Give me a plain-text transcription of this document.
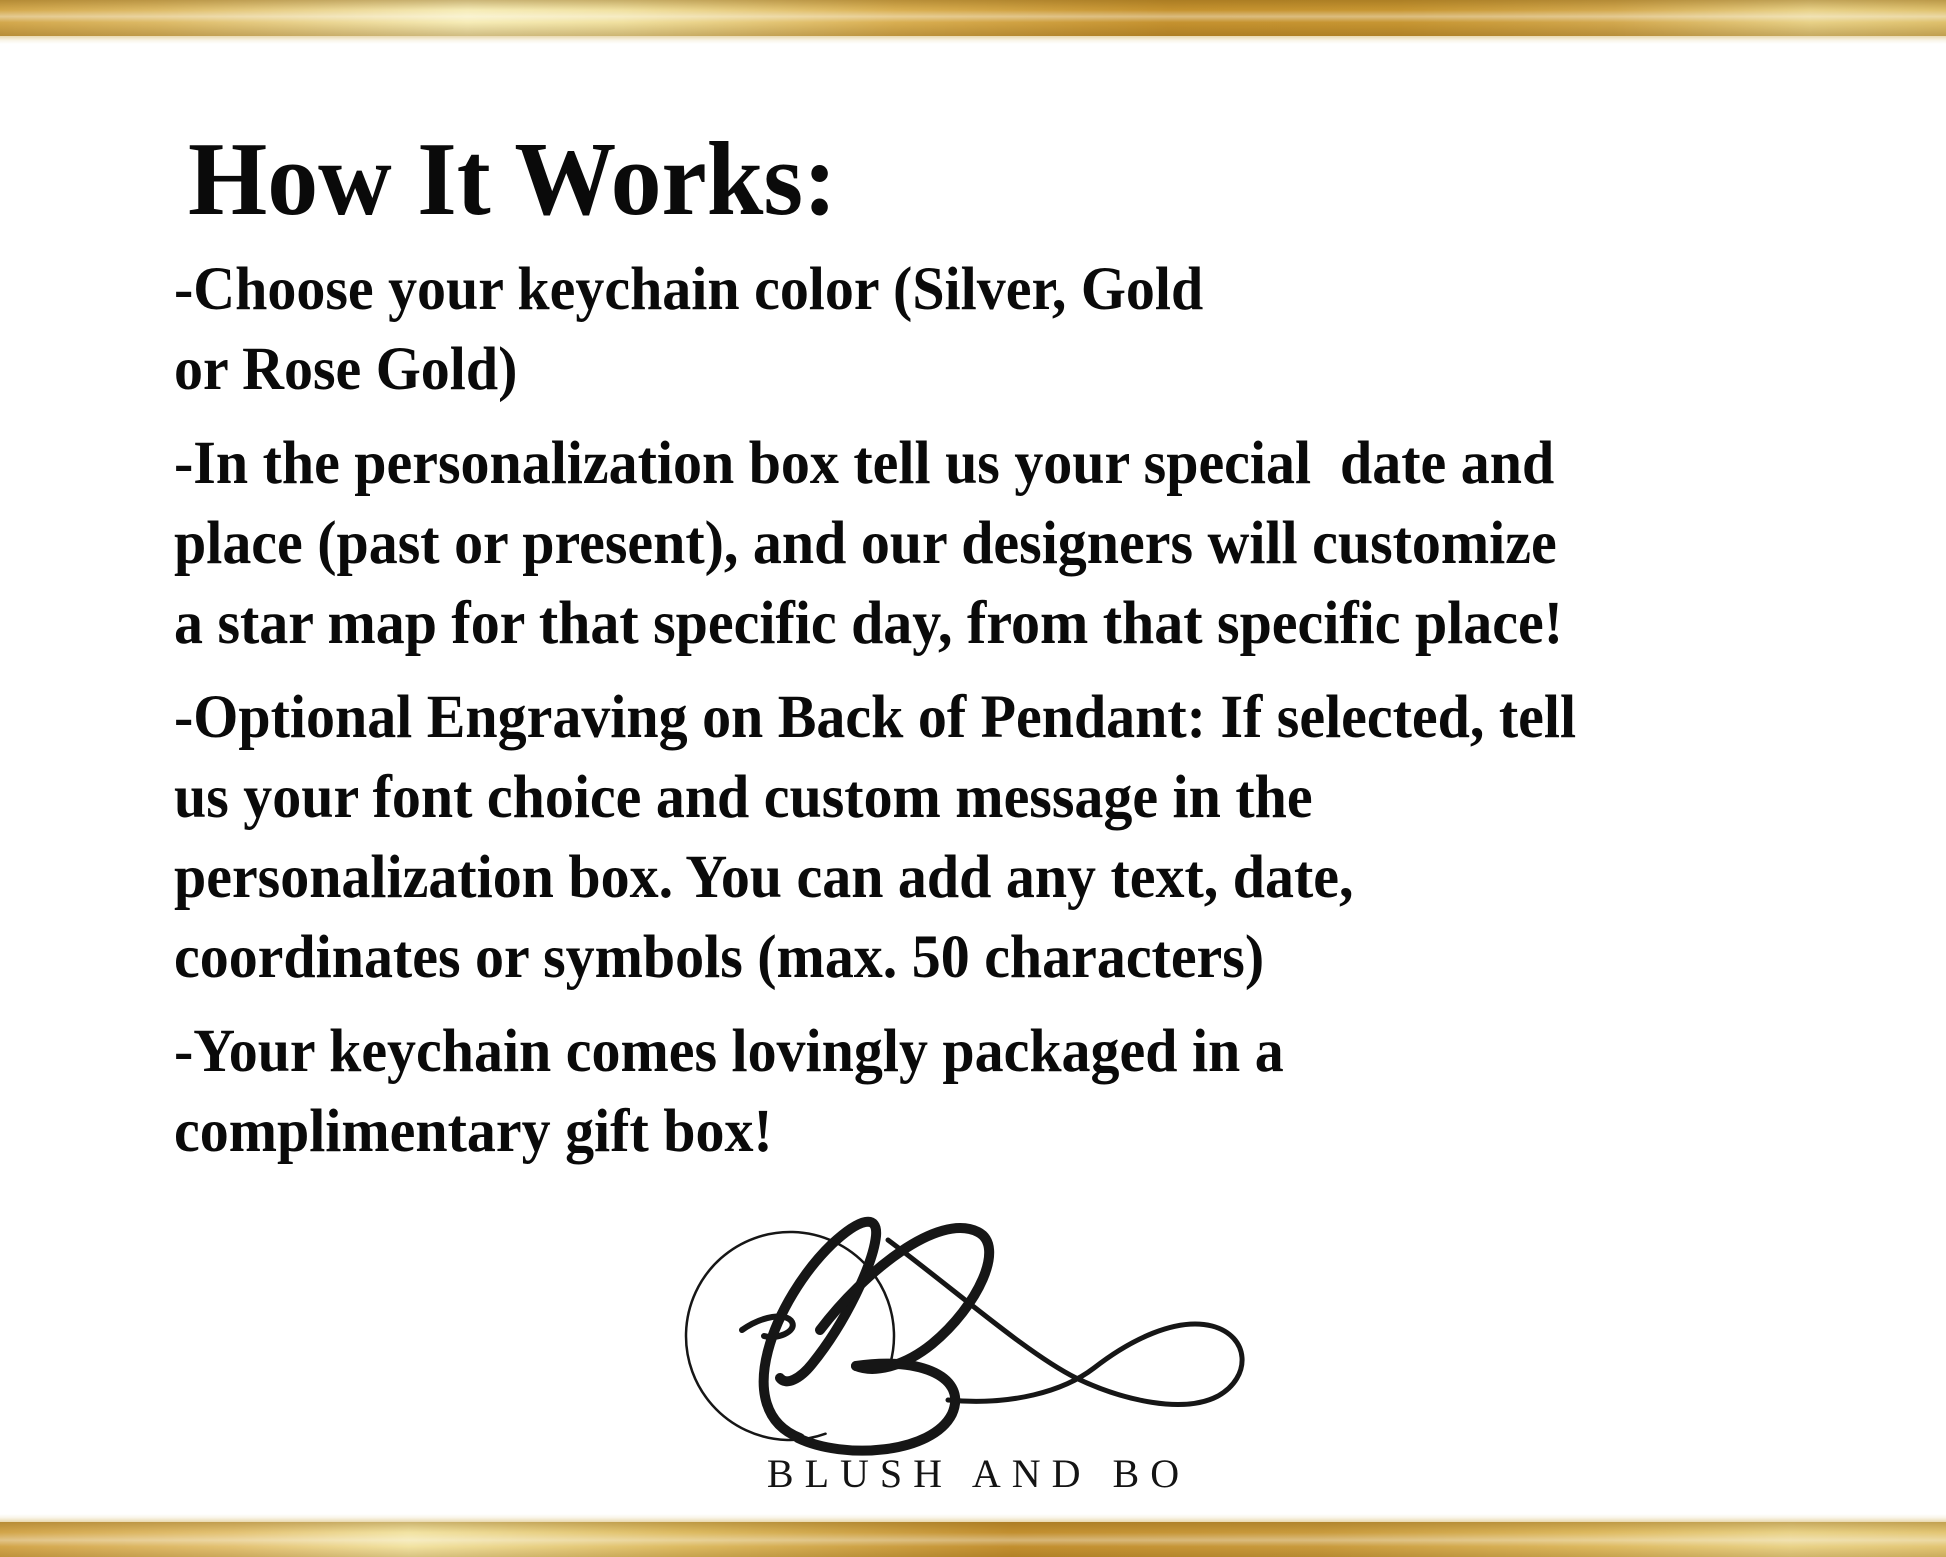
How It Works:
-Choose your keychain color (Silver, Gold
or Rose Gold)
-In the personalization box tell us your special  date and
place (past or present), and our designers will customize
a star map for that specific day, from that specific place!
-Optional Engraving on Back of Pendant: If selected, tell
us your font choice and custom message in the
personalization box. You can add any text, date,
coordinates or symbols (max. 50 characters)
-Your keychain comes lovingly packaged in a
complimentary gift box!
BLUSH AND BO
